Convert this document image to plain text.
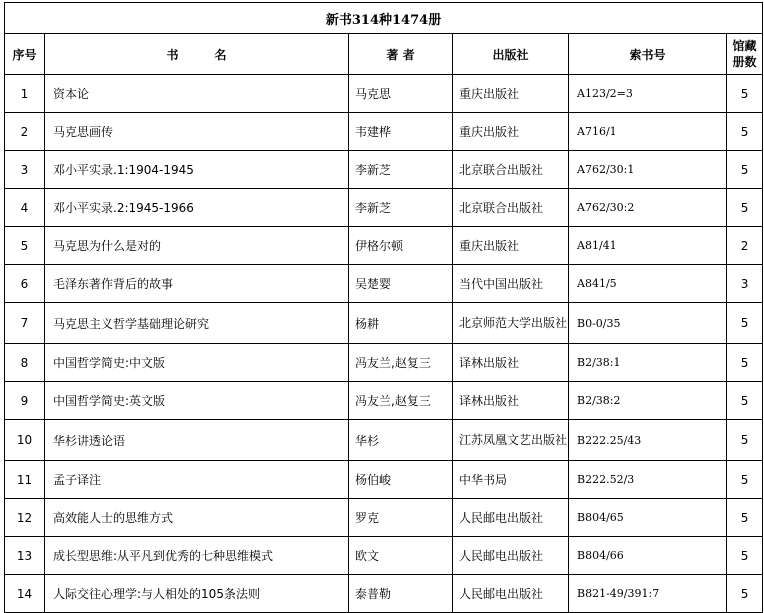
新书314种1474册					
序号	书　　　名	著 者	出版社	索书号	馆藏册数
1	资本论	马克思	重庆出版社	A123/2=3	5
2	马克思画传	韦建桦	重庆出版社	A716/1	5
3	邓小平实录.1:1904-1945	李新芝	北京联合出版社	A762/30:1	5
4	邓小平实录.2:1945-1966	李新芝	北京联合出版社	A762/30:2	5
5	马克思为什么是对的	伊格尔顿	重庆出版社	A81/41	2
6	毛泽东著作背后的故事	吴楚婴	当代中国出版社	A841/5	3
7	马克思主义哲学基础理论研究	杨耕	北京师范大学出版社	B0-0/35	5
8	中国哲学简史:中文版	冯友兰,赵复三	译林出版社	B2/38:1	5
9	中国哲学简史:英文版	冯友兰,赵复三	译林出版社	B2/38:2	5
10	华杉讲透论语	华杉	江苏凤凰文艺出版社	B222.25/43	5
11	孟子译注	杨伯峻	中华书局	B222.52/3	5
12	高效能人士的思维方式	罗克	人民邮电出版社	B804/65	5
13	成长型思维:从平凡到优秀的七种思维模式	欧文	人民邮电出版社	B804/66	5
14	人际交往心理学:与人相处的105条法则	泰普勒	人民邮电出版社	B821-49/391:7	5
